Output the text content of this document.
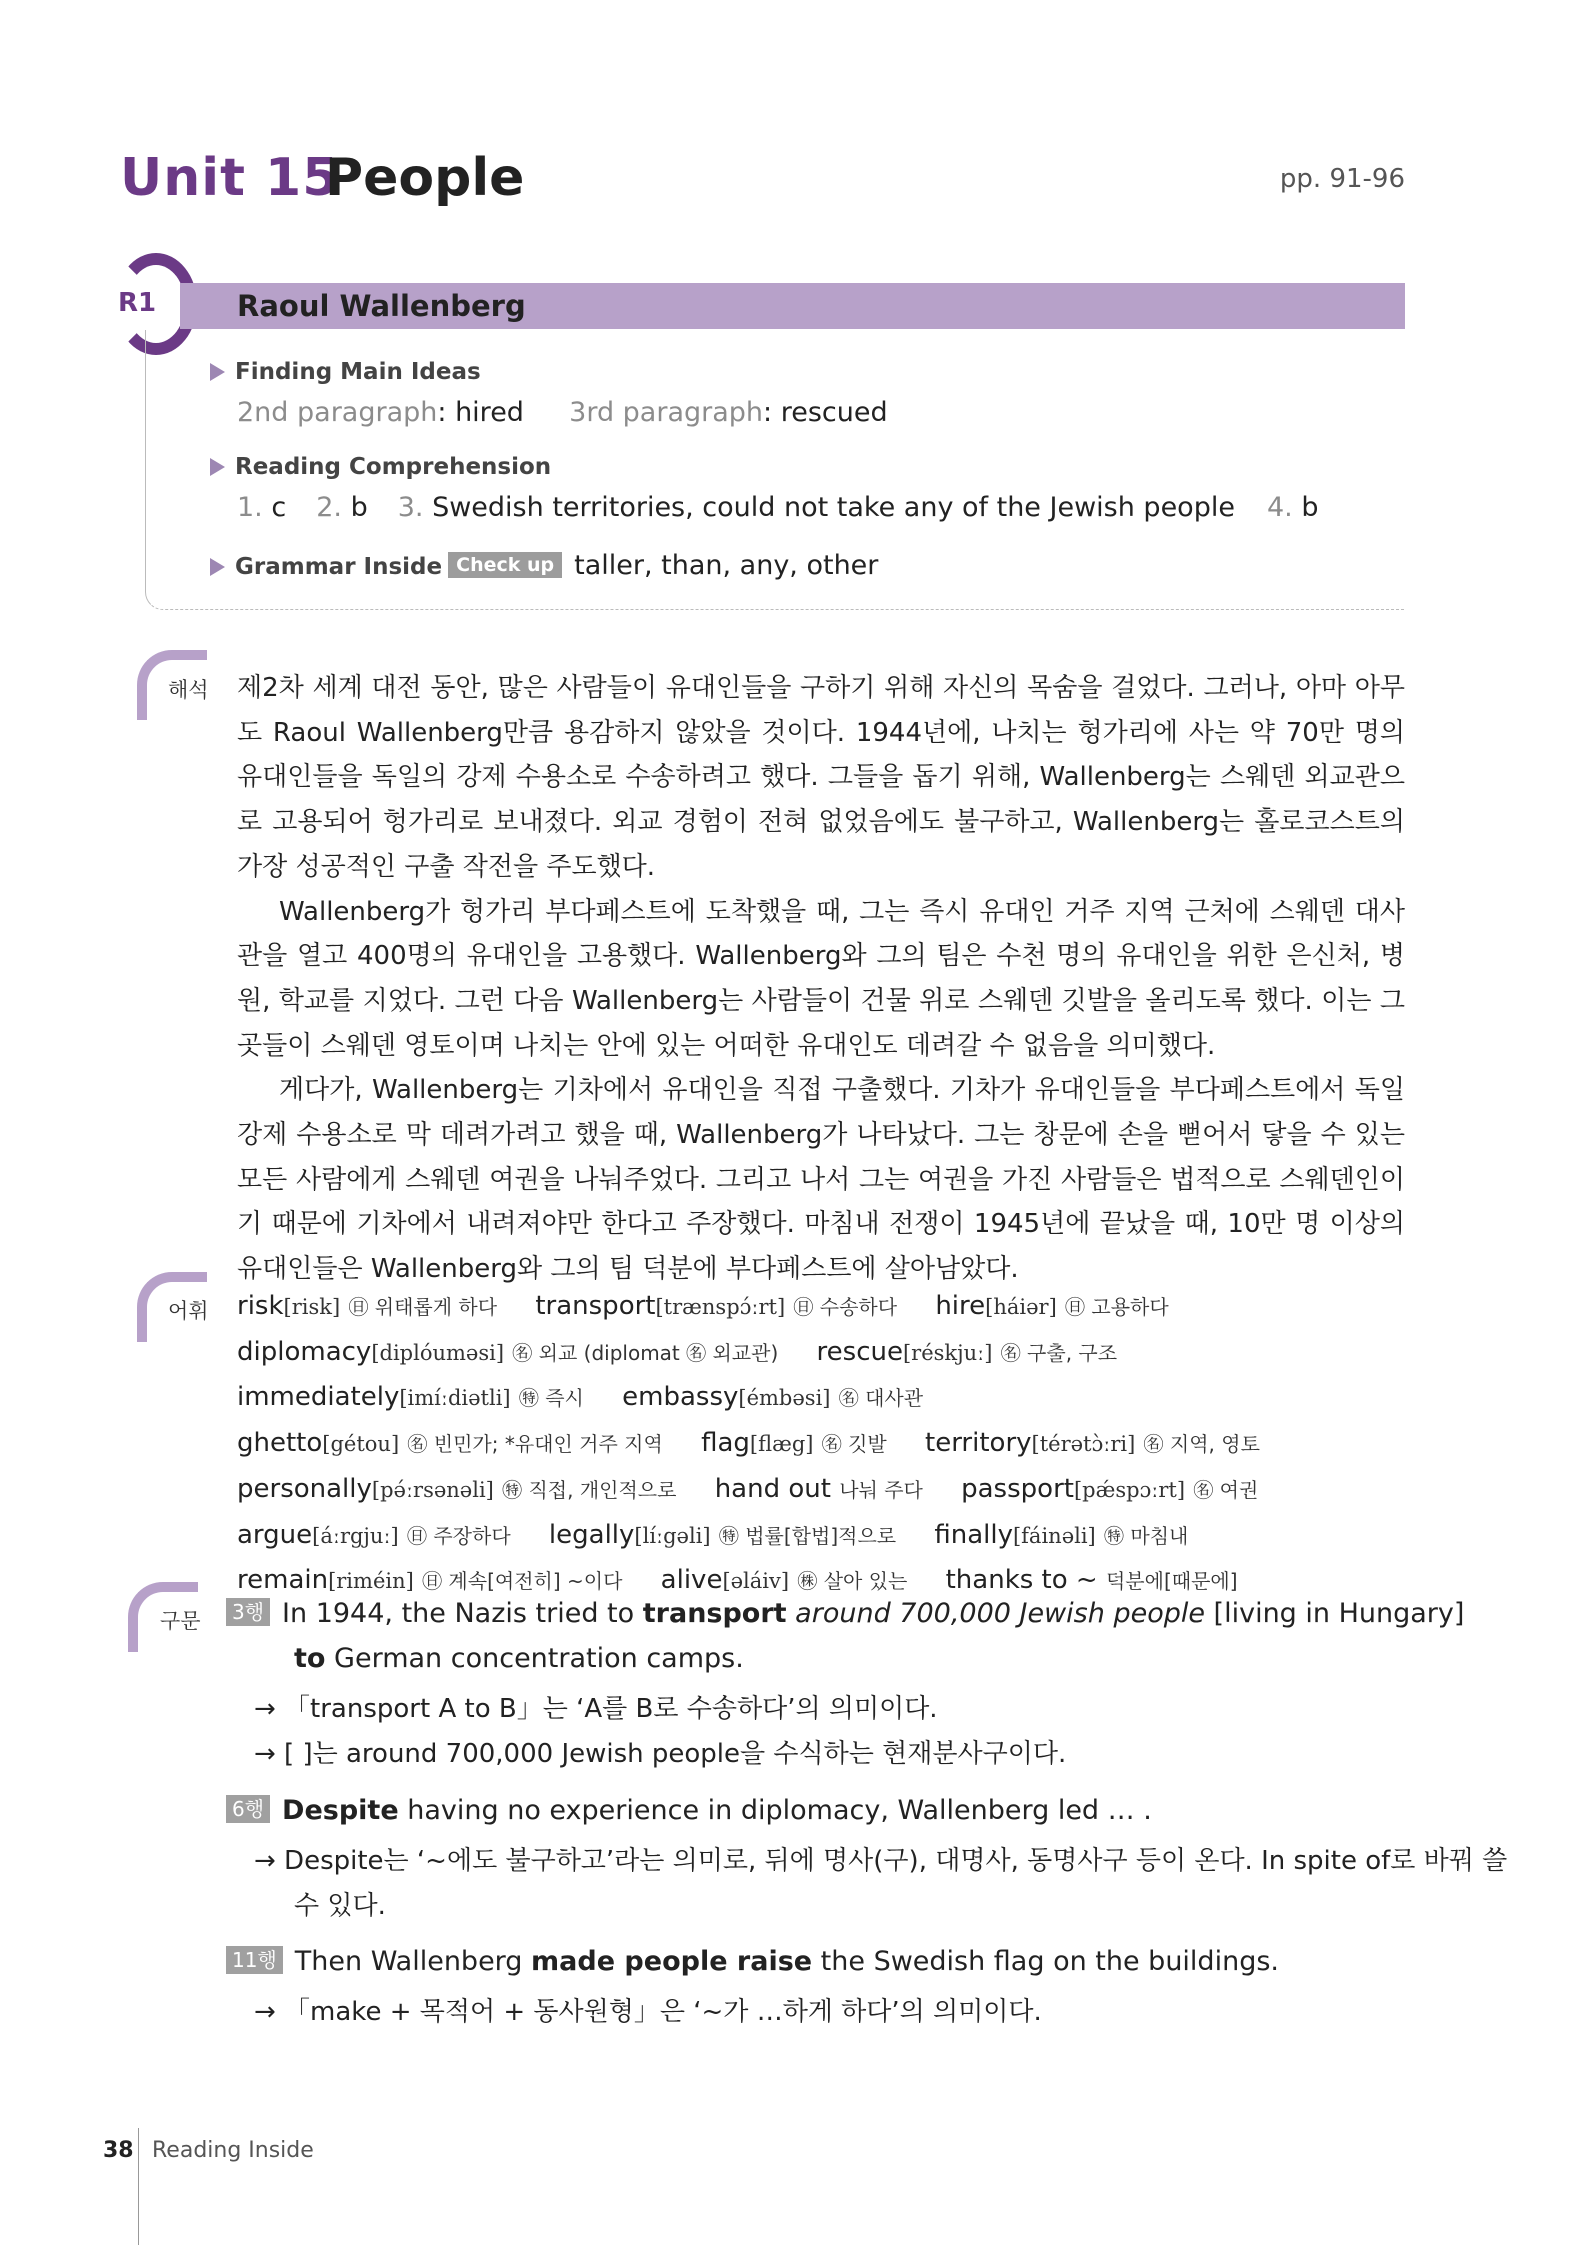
Unit 15
People	pp. 91-96
R1	Raoul Wallenberg
Finding Main Ideas
2nd paragraph: hired 3rd paragraph: rescued
Reading Comprehension
1. c 2. b 3. Swedish territories, could not take any of the Jewish people 4. b
Grammar Inside Check up taller, than, any, other
해석 제2차 세계 대전 동안, 많은 사람들이 유대인들을 구하기 위해 자신의 목숨을 걸었다. 그러나, 아마 아무도 Raoul Wallenberg만큼 용감하지 않았을 것이다. 1944년에, 나치는 헝가리에 사는 약 70만 명의 유대인들을 독일의 강제 수용소로 수송하려고 했다. 그들을 돕기 위해, Wallenberg는 스웨덴 외교관으로 고용되어 헝가리로 보내졌다. 외교 경험이 전혀 없었음에도 불구하고, Wallenberg는 홀로코스트의 가장 성공적인 구출 작전을 주도했다.

Wallenberg가 헝가리 부다페스트에 도착했을 때, 그는 즉시 유대인 거주 지역 근처에 스웨덴 대사관을 열고 400명의 유대인을 고용했다. Wallenberg와 그의 팀은 수천 명의 유대인을 위한 은신처, 병원, 학교를 지었다. 그런 다음 Wallenberg는 사람들이 건물 위로 스웨덴 깃발을 올리도록 했다. 이는 그곳들이 스웨덴 영토이며 나치는 안에 있는 어떠한 유대인도 데려갈 수 없음을 의미했다.

게다가, Wallenberg는 기차에서 유대인을 직접 구출했다. 기차가 유대인들을 부다페스트에서 독일 강제 수용소로 막 데려가려고 했을 때, Wallenberg가 나타났다. 그는 창문에 손을 뻗어서 닿을 수 있는 모든 사람에게 스웨덴 여권을 나눠주었다. 그리고 나서 그는 여권을 가진 사람들은 법적으로 스웨덴인이기 때문에 기차에서 내려져야만 한다고 주장했다. 마침내 전쟁이 1945년에 끝났을 때, 10만 명 이상의 유대인들은 Wallenberg와 그의 팀 덕분에 부다페스트에 살아남았다.

어휘 risk[risk] ㊐ 위태롭게 하다 transport[trænspɔ́ːrt] ㊐ 수송하다 hire[háiər] ㊐ 고용하다 diplomacy[diplóuməsi] ㊔ 외교 (diplomat ㊔ 외교관) rescue[réskjuː] ㊔ 구출, 구조 immediately[imíːdiətli] ㊕ 즉시 embassy[émbəsi] ㊔ 대사관 ghetto[gétou] ㊔ 빈민가; *유대인 거주 지역 flag[flæg] ㊔ 깃발 territory[térətɔ̀ːri] ㊔ 지역, 영토 personally[pə́ːrsənəli] ㊕ 직접, 개인적으로 hand out 나눠 주다 passport[pǽspɔːrt] ㊔ 여권 argue[áːrgjuː] ㊐ 주장하다 legally[líːgəli] ㊕ 법률[합법]적으로 finally[fáinəli] ㊕ 마침내 remain[riméin] ㊐ 계속[여전히] ~이다 alive[əláiv] ㊑ 살아 있는 thanks to ~ 덕분에[때문에]
구문	3행 In 1944, the Nazis tried to transport around 700,000 Jewish people [living in Hungary]
to German concentration camps.
→ 「transport A to B」는 ‘A를 B로 수송하다’의 의미이다.
→ [ ]는 around 700,000 Jewish people을 수식하는 현재분사구이다.
6행 Despite having no experience in diplomacy, Wallenberg led … .
→ Despite는 ‘~에도 불구하고’라는 의미로, 뒤에 명사(구), 대명사, 동명사구 등이 온다. In spite of로 바꿔 쓸
수 있다.
11행 Then Wallenberg made people raise the Swedish flag on the buildings.
→ 「make + 목적어 + 동사원형」은 ‘~가 …하게 하다’의 의미이다.
38 Reading Inside
